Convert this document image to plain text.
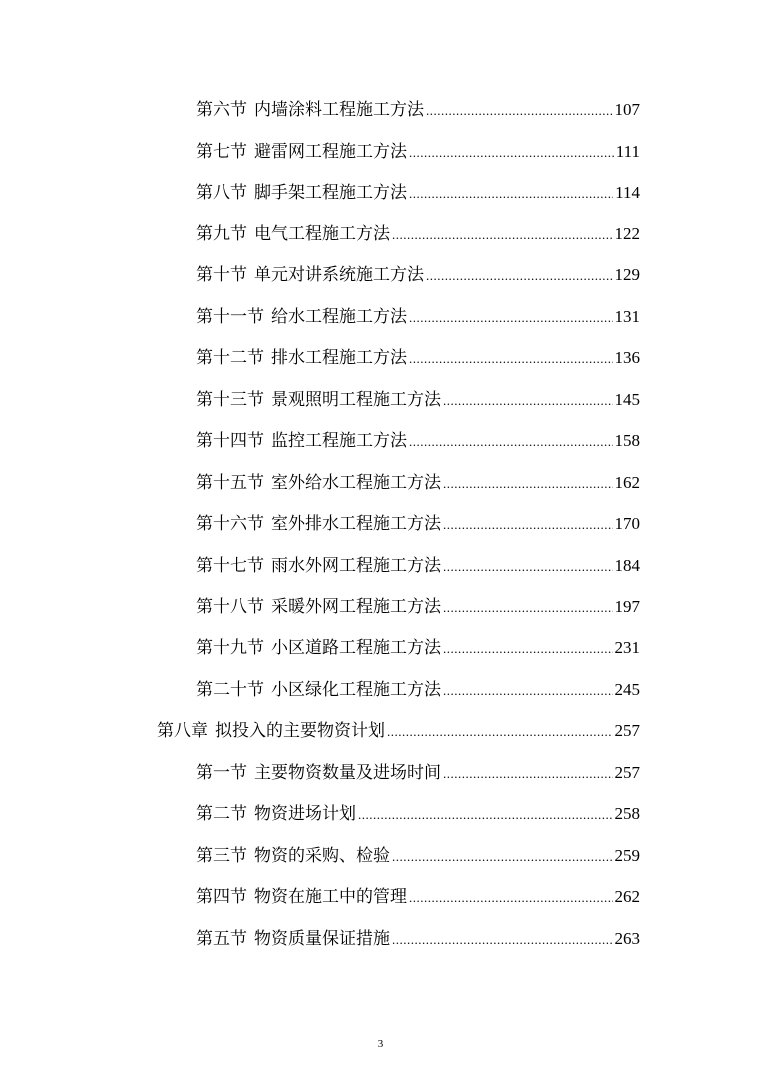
第六节 内墙涂料工程施工方法 .....	107
第七节 避雷网工程施工方法 .....	111
第八节 脚手架工程施工方法 .....	114
第九节 电气工程施工方法 .....	122
第十节 单元对讲系统施工方法 .....	129
第十一节 给水工程施工方法 .....	131
第十二节 排水工程施工方法 .....	136
第十三节 景观照明工程施工方法 .....	145
第十四节 监控工程施工方法 .....	158
第十五节 室外给水工程施工方法 .....	162
第十六节 室外排水工程施工方法 .....	170
第十七节 雨水外网工程施工方法 .....	184
第十八节 采暖外网工程施工方法 .....	197
第十九节 小区道路工程施工方法 .....	231
第二十节 小区绿化工程施工方法 .....	245
第八章 拟投入的主要物资计划 .....	257
第一节 主要物资数量及进场时间 .....	257
第二节 物资进场计划 .....	258
第三节 物资的采购、检验 .....	259
第四节 物资在施工中的管理 .....	262
第五节 物资质量保证措施 .....	263
3
